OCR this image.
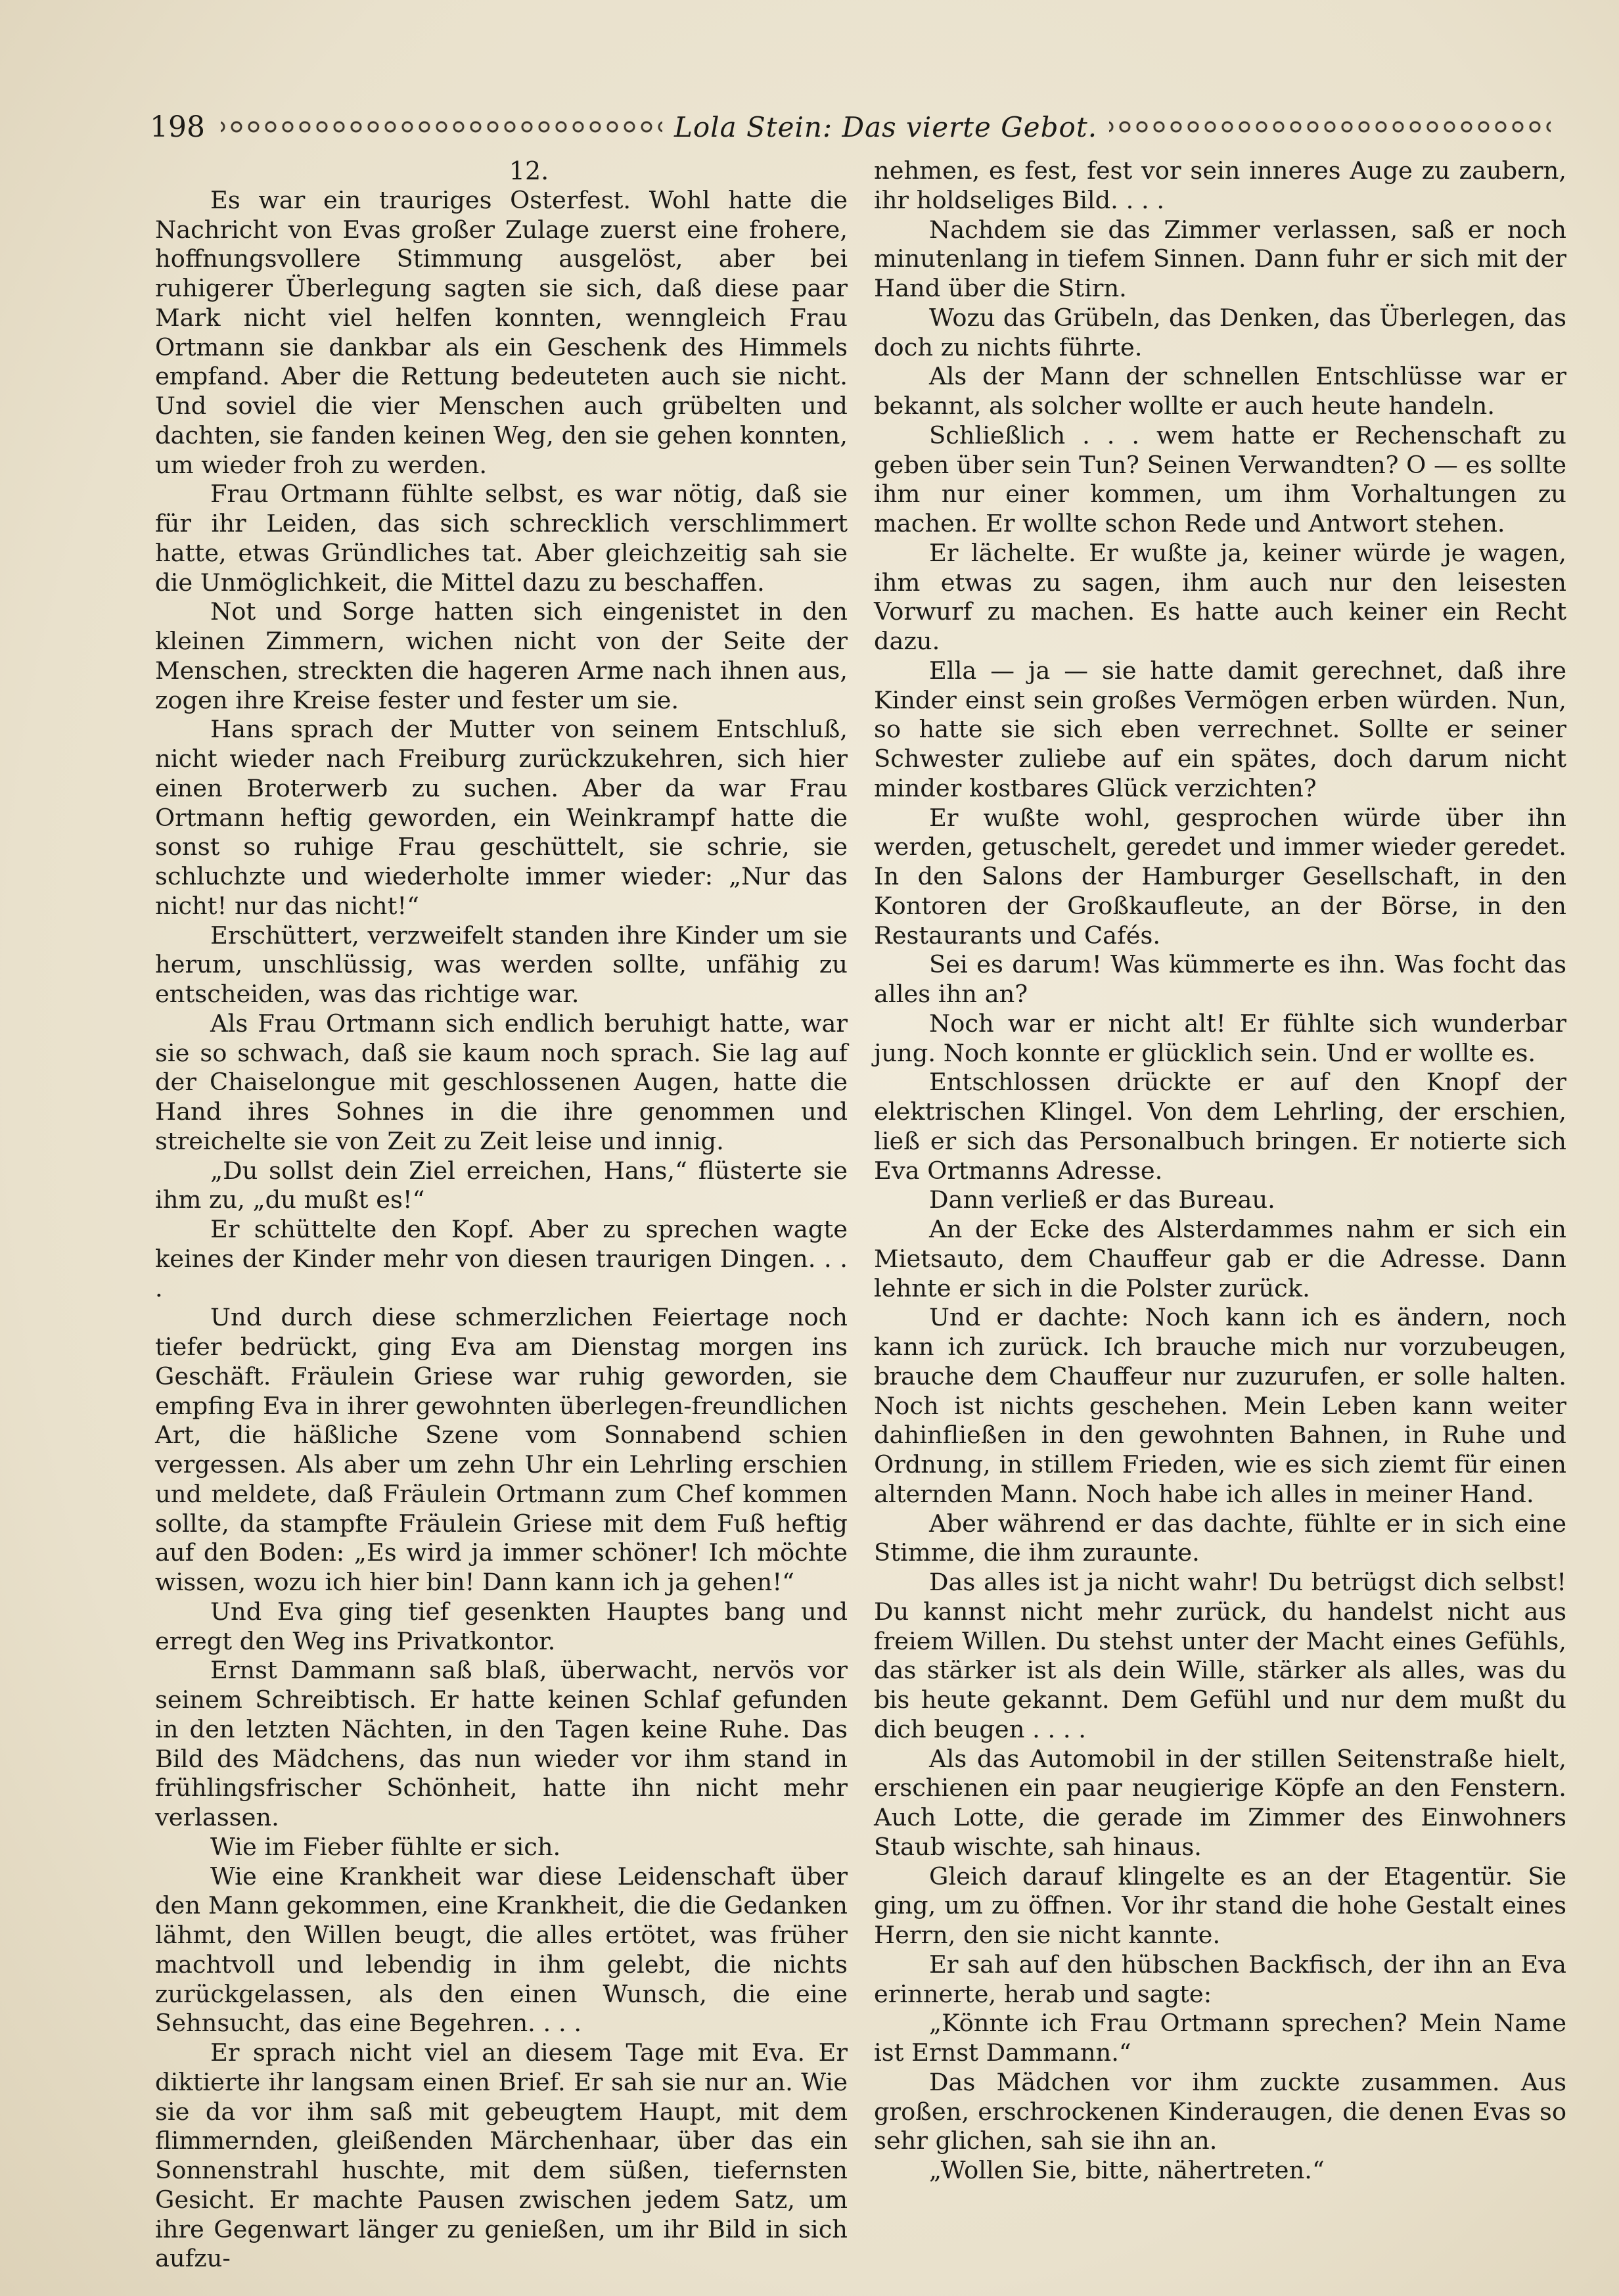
198	Lola Stein: Das vierte Gebot.

12.

Es war ein trauriges Osterfest. Wohl hatte die Nachricht von Evas großer Zulage zuerst eine frohere, hoffnungsvollere Stimmung ausgelöst, aber bei ruhigerer Überlegung sagten sie sich, daß diese paar Mark nicht viel helfen konnten, wenngleich Frau Ortmann sie dankbar als ein Geschenk des Himmels empfand. Aber die Rettung bedeuteten auch sie nicht. Und soviel die vier Menschen auch grübelten und dachten, sie fanden keinen Weg, den sie gehen konnten, um wieder froh zu werden.

Frau Ortmann fühlte selbst, es war nötig, daß sie für ihr Leiden, das sich schrecklich verschlimmert hatte, etwas Gründliches tat. Aber gleichzeitig sah sie die Unmöglichkeit, die Mittel dazu zu beschaffen.

Not und Sorge hatten sich eingenistet in den kleinen Zimmern, wichen nicht von der Seite der Menschen, streckten die hageren Arme nach ihnen aus, zogen ihre Kreise fester und fester um sie.

Hans sprach der Mutter von seinem Entschluß, nicht wieder nach Freiburg zurückzukehren, sich hier einen Broterwerb zu suchen. Aber da war Frau Ortmann heftig geworden, ein Weinkrampf hatte die sonst so ruhige Frau geschüttelt, sie schrie, sie schluchzte und wiederholte immer wieder: „Nur das nicht! nur das nicht!“

Erschüttert, verzweifelt standen ihre Kinder um sie herum, unschlüssig, was werden sollte, unfähig zu entscheiden, was das richtige war.

Als Frau Ortmann sich endlich beruhigt hatte, war sie so schwach, daß sie kaum noch sprach. Sie lag auf der Chaiselongue mit geschlossenen Augen, hatte die Hand ihres Sohnes in die ihre genommen und streichelte sie von Zeit zu Zeit leise und innig.

„Du sollst dein Ziel erreichen, Hans,“ flüsterte sie ihm zu, „du mußt es!“

Er schüttelte den Kopf. Aber zu sprechen wagte keines der Kinder mehr von diesen traurigen Dingen. . . .

Und durch diese schmerzlichen Feiertage noch tiefer bedrückt, ging Eva am Dienstag morgen ins Geschäft. Fräulein Griese war ruhig geworden, sie empfing Eva in ihrer gewohnten überlegen-freundlichen Art, die häßliche Szene vom Sonnabend schien vergessen. Als aber um zehn Uhr ein Lehrling erschien und meldete, daß Fräulein Ortmann zum Chef kommen sollte, da stampfte Fräulein Griese mit dem Fuß heftig auf den Boden: „Es wird ja immer schöner! Ich möchte wissen, wozu ich hier bin! Dann kann ich ja gehen!“

Und Eva ging tief gesenkten Hauptes bang und erregt den Weg ins Privatkontor.

Ernst Dammann saß blaß, überwacht, nervös vor seinem Schreibtisch. Er hatte keinen Schlaf gefunden in den letzten Nächten, in den Tagen keine Ruhe. Das Bild des Mädchens, das nun wieder vor ihm stand in frühlingsfrischer Schönheit, hatte ihn nicht mehr verlassen.

Wie im Fieber fühlte er sich.

Wie eine Krankheit war diese Leidenschaft über den Mann gekommen, eine Krankheit, die die Gedanken lähmt, den Willen beugt, die alles ertötet, was früher machtvoll und lebendig in ihm gelebt, die nichts zurückgelassen, als den einen Wunsch, die eine Sehnsucht, das eine Begehren. . . .

Er sprach nicht viel an diesem Tage mit Eva. Er diktierte ihr langsam einen Brief. Er sah sie nur an. Wie sie da vor ihm saß mit gebeugtem Haupt, mit dem flimmernden, gleißenden Märchenhaar, über das ein Sonnenstrahl huschte, mit dem süßen, tiefernsten Gesicht. Er machte Pausen zwischen jedem Satz, um ihre Gegenwart länger zu genießen, um ihr Bild in sich aufzu-

nehmen, es fest, fest vor sein inneres Auge zu zaubern, ihr holdseliges Bild. . . .

Nachdem sie das Zimmer verlassen, saß er noch minutenlang in tiefem Sinnen. Dann fuhr er sich mit der Hand über die Stirn.

Wozu das Grübeln, das Denken, das Überlegen, das doch zu nichts führte.

Als der Mann der schnellen Entschlüsse war er bekannt, als solcher wollte er auch heute handeln.

Schließlich . . . wem hatte er Rechenschaft zu geben über sein Tun? Seinen Verwandten? O — es sollte ihm nur einer kommen, um ihm Vorhaltungen zu machen. Er wollte schon Rede und Antwort stehen.

Er lächelte. Er wußte ja, keiner würde je wagen, ihm etwas zu sagen, ihm auch nur den leisesten Vorwurf zu machen. Es hatte auch keiner ein Recht dazu.

Ella — ja — sie hatte damit gerechnet, daß ihre Kinder einst sein großes Vermögen erben würden. Nun, so hatte sie sich eben verrechnet. Sollte er seiner Schwester zuliebe auf ein spätes, doch darum nicht minder kostbares Glück verzichten?

Er wußte wohl, gesprochen würde über ihn werden, getuschelt, geredet und immer wieder geredet. In den Salons der Hamburger Gesellschaft, in den Kontoren der Großkaufleute, an der Börse, in den Restaurants und Cafés.

Sei es darum! Was kümmerte es ihn. Was focht das alles ihn an?

Noch war er nicht alt! Er fühlte sich wunderbar jung. Noch konnte er glücklich sein. Und er wollte es.

Entschlossen drückte er auf den Knopf der elektrischen Klingel. Von dem Lehrling, der erschien, ließ er sich das Personalbuch bringen. Er notierte sich Eva Ortmanns Adresse.

Dann verließ er das Bureau.

An der Ecke des Alsterdammes nahm er sich ein Mietsauto, dem Chauffeur gab er die Adresse. Dann lehnte er sich in die Polster zurück.

Und er dachte: Noch kann ich es ändern, noch kann ich zurück. Ich brauche mich nur vorzubeugen, brauche dem Chauffeur nur zuzurufen, er solle halten. Noch ist nichts geschehen. Mein Leben kann weiter dahinfließen in den gewohnten Bahnen, in Ruhe und Ordnung, in stillem Frieden, wie es sich ziemt für einen alternden Mann. Noch habe ich alles in meiner Hand.

Aber während er das dachte, fühlte er in sich eine Stimme, die ihm zuraunte.

Das alles ist ja nicht wahr! Du betrügst dich selbst! Du kannst nicht mehr zurück, du handelst nicht aus freiem Willen. Du stehst unter der Macht eines Gefühls, das stärker ist als dein Wille, stärker als alles, was du bis heute gekannt. Dem Gefühl und nur dem mußt du dich beugen . . . .

Als das Automobil in der stillen Seitenstraße hielt, erschienen ein paar neugierige Köpfe an den Fenstern. Auch Lotte, die gerade im Zimmer des Einwohners Staub wischte, sah hinaus.

Gleich darauf klingelte es an der Etagentür. Sie ging, um zu öffnen. Vor ihr stand die hohe Gestalt eines Herrn, den sie nicht kannte.

Er sah auf den hübschen Backfisch, der ihn an Eva erinnerte, herab und sagte:

„Könnte ich Frau Ortmann sprechen? Mein Name ist Ernst Dammann.“

Das Mädchen vor ihm zuckte zusammen. Aus großen, erschrockenen Kinderaugen, die denen Evas so sehr glichen, sah sie ihn an.

„Wollen Sie, bitte, nähertreten.“
